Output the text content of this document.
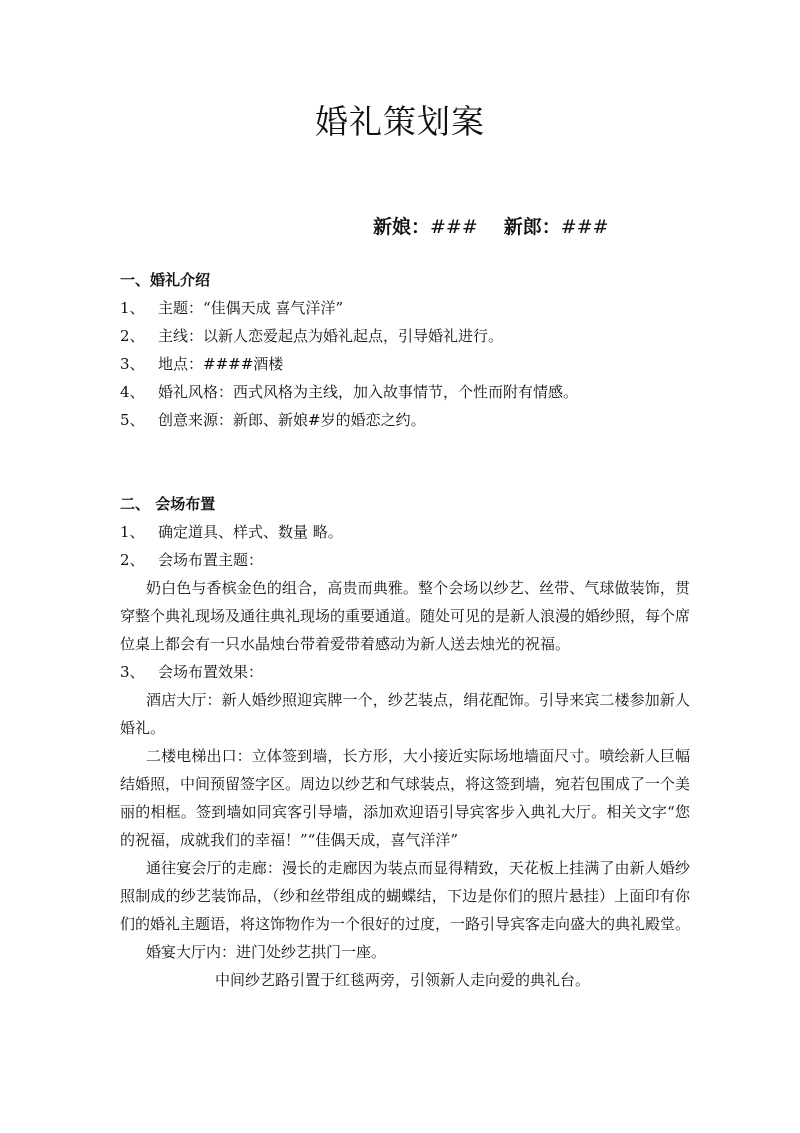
婚礼策划案
新娘：### 新郎：###
一、婚礼介绍
1、 主题：“佳偶天成 喜气洋洋”
2、 主线：以新人恋爱起点为婚礼起点，引导婚礼进行。
3、 地点：####酒楼
4、 婚礼风格：西式风格为主线，加入故事情节，个性而附有情感。
5、 创意来源：新郎、新娘#岁的婚恋之约。
二、 会场布置
1、 确定道具、样式、数量 略。
2、 会场布置主题：
奶白色与香槟金色的组合，高贵而典雅。整个会场以纱艺、丝带、气球做装饰，贯穿整个典礼现场及通往典礼现场的重要通道。随处可见的是新人浪漫的婚纱照，每个席位桌上都会有一只水晶烛台带着爱带着感动为新人送去烛光的祝福。
3、 会场布置效果：
酒店大厅：新人婚纱照迎宾牌一个，纱艺装点，绢花配饰。引导来宾二楼参加新人婚礼。
二楼电梯出口：立体签到墙，长方形，大小接近实际场地墙面尺寸。喷绘新人巨幅结婚照，中间预留签字区。周边以纱艺和气球装点，将这签到墙，宛若包围成了一个美丽的相框。签到墙如同宾客引导墙，添加欢迎语引导宾客步入典礼大厅。相关文字“您的祝福，成就我们的幸福！”“佳偶天成，喜气洋洋”
通往宴会厅的走廊：漫长的走廊因为装点而显得精致，天花板上挂满了由新人婚纱照制成的纱艺装饰品，（纱和丝带组成的蝴蝶结，下边是你们的照片悬挂）上面印有你们的婚礼主题语，将这饰物作为一个很好的过度，一路引导宾客走向盛大的典礼殿堂。
婚宴大厅内：进门处纱艺拱门一座。
中间纱艺路引置于红毯两旁，引领新人走向爱的典礼台。
